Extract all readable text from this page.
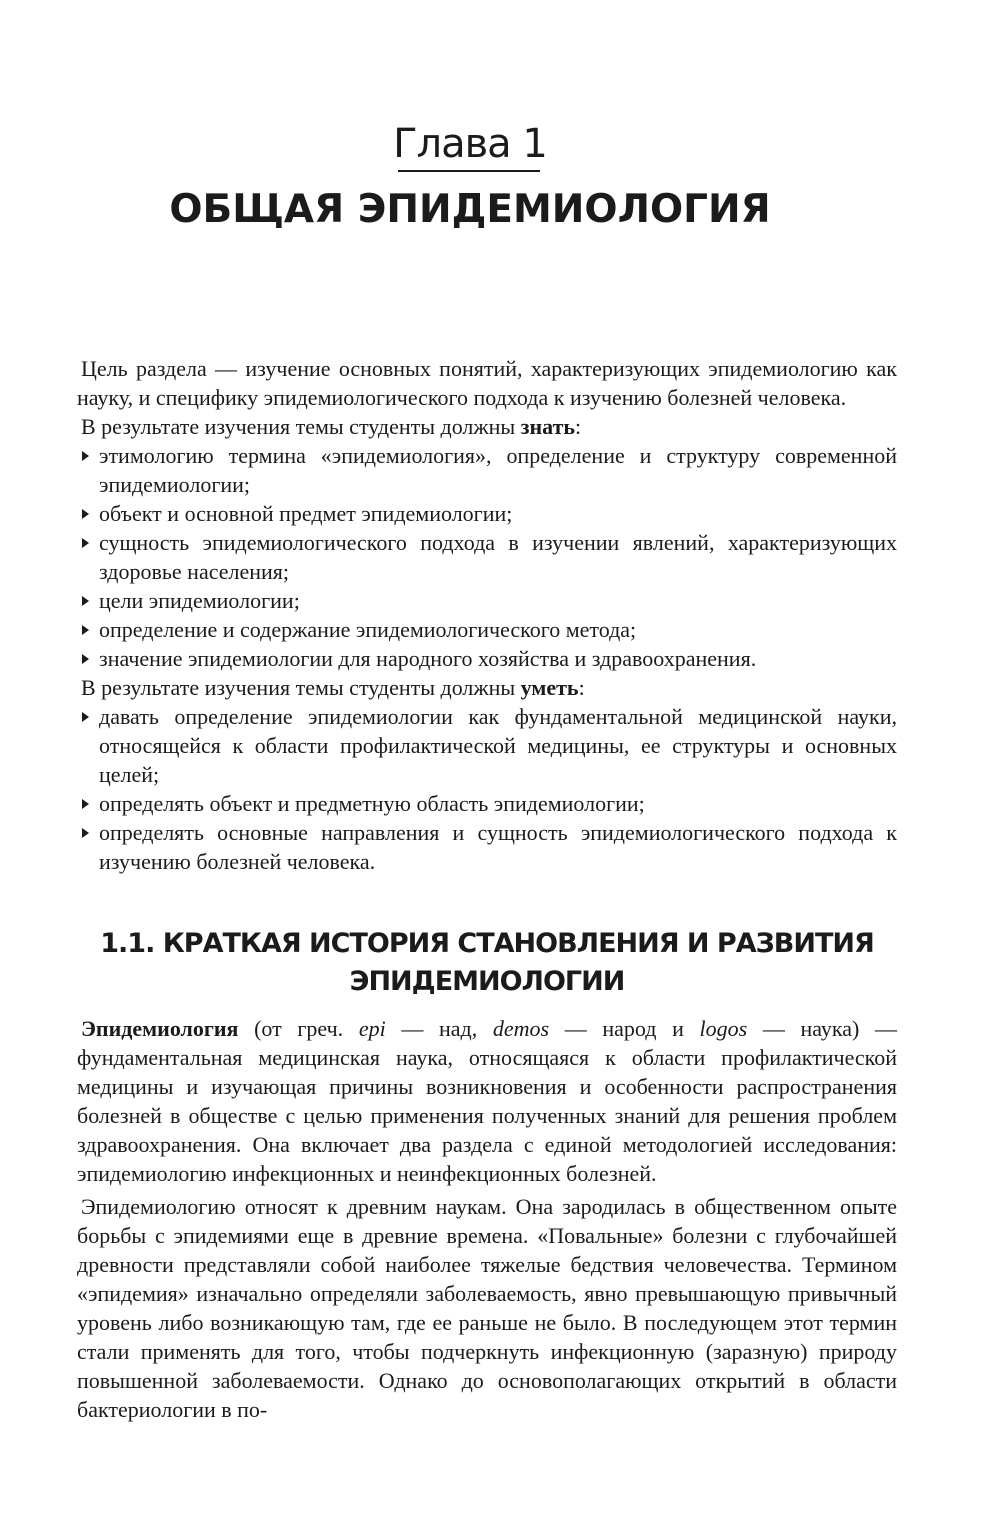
Глава 1
ОБЩАЯ ЭПИДЕМИОЛОГИЯ

Цель раздела — изучение основных понятий, характеризующих эпидемиологию как науку, и специфику эпидемиологического подхода к изучению болезней человека.

В результате изучения темы студенты должны знать:

этимологию термина «эпидемиология», определение и структуру современной эпидемиологии;
объект и основной предмет эпидемиологии;
сущность эпидемиологического подхода в изучении явлений, характеризующих здоровье населения;
цели эпидемиологии;
определение и содержание эпидемиологического метода;
значение эпидемиологии для народного хозяйства и здравоохранения.

В результате изучения темы студенты должны уметь:

давать определение эпидемиологии как фундаментальной медицинской науки, относящейся к области профилактической медицины, ее структуры и основных целей;
определять объект и предметную область эпидемиологии;
определять основные направления и сущность эпидемиологического подхода к изучению болезней человека.
1.1. КРАТКАЯ ИСТОРИЯ СТАНОВЛЕНИЯ И РАЗВИТИЯ
ЭПИДЕМИОЛОГИИ

Эпидемиология (от греч. epi — над, demos — народ и logos — наука) — фундаментальная медицинская наука, относящаяся к области профилактической медицины и изучающая причины возникновения и особенности распространения болезней в обществе с целью применения полученных знаний для решения проблем здравоохранения. Она включает два раздела с единой методологией исследования: эпидемиологию инфекционных и неинфекционных болезней.

Эпидемиологию относят к древним наукам. Она зародилась в общественном опыте борьбы с эпидемиями еще в древние времена. «Повальные» болезни с глубочайшей древности представляли собой наиболее тяжелые бедствия человечества. Термином «эпидемия» изначально определяли заболеваемость, явно превышающую привычный уровень либо возникающую там, где ее раньше не было. В последующем этот термин стали применять для того, чтобы подчеркнуть инфекционную (заразную) природу повышенной заболеваемости. Однако до основополагающих открытий в области бактериологии в по-
